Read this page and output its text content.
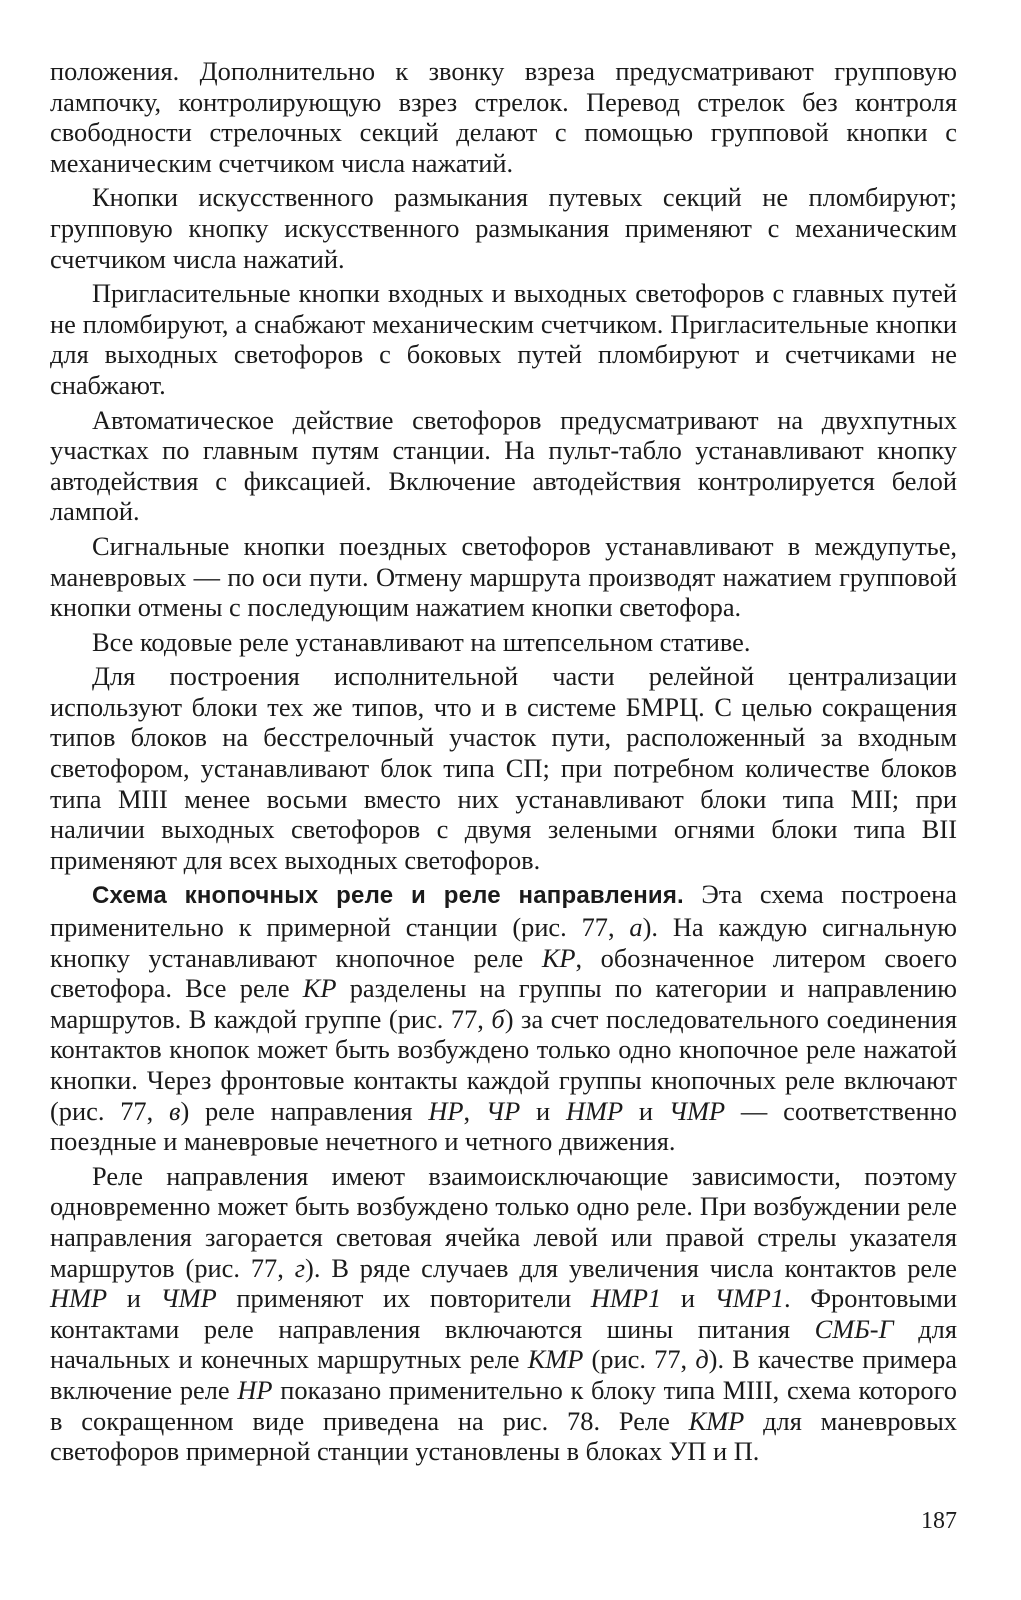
положения. Дополнительно к звонку взреза предусматривают групповую лампочку, контролирующую взрез стрелок. Перевод стрелок без контроля свободности стрелочных секций делают с помощью групповой кнопки с механическим счетчиком числа нажатий.

Кнопки искусственного размыкания путевых секций не пломбируют; групповую кнопку искусственного размыкания применяют с механическим счетчиком числа нажатий.

Пригласительные кнопки входных и выходных светофоров с главных путей не пломбируют, а снабжают механическим счетчиком. Пригласительные кнопки для выходных светофоров с боковых путей пломбируют и счетчиками не снабжают.

Автоматическое действие светофоров предусматривают на двухпутных участках по главным путям станции. На пульт-табло устанавливают кнопку автодействия с фиксацией. Включение автодействия контролируется белой лампой.

Сигнальные кнопки поездных светофоров устанавливают в междупутье, маневровых — по оси пути. Отмену маршрута производят нажатием групповой кнопки отмены с последующим нажатием кнопки светофора.

Все кодовые реле устанавливают на штепсельном стативе.

Для построения исполнительной части релейной централизации используют блоки тех же типов, что и в системе БМРЦ. С целью сокращения типов блоков на бесстрелочный участок пути, расположенный за входным светофором, устанавливают блок типа СП; при потребном количестве блоков типа МIII менее восьми вместо них устанавливают блоки типа МII; при наличии выходных светофоров с двумя зелеными огнями блоки типа ВII применяют для всех выходных светофоров.

Схема кнопочных реле и реле направления. Эта схема построена применительно к примерной станции (рис. 77, а). На каждую сигнальную кнопку устанавливают кнопочное реле КР, обозначенное литером своего светофора. Все реле КР разделены на группы по категории и направлению маршрутов. В каждой группе (рис. 77, б) за счет последовательного соединения контактов кнопок может быть возбуждено только одно кнопочное реле нажатой кнопки. Через фронтовые контакты каждой группы кнопочных реле включают (рис. 77, в) реле направления НР, ЧР и НМР и ЧМР — соответственно поездные и маневровые нечетного и четного движения.

Реле направления имеют взаимоисключающие зависимости, поэтому одновременно может быть возбуждено только одно реле. При возбуждении реле направления загорается световая ячейка левой или правой стрелы указателя маршрутов (рис. 77, г). В ряде случаев для увеличения числа контактов реле НМР и ЧМР применяют их повторители НМР1 и ЧМР1. Фронтовыми контактами реле направления включаются шины питания СМБ-Г для начальных и конечных маршрутных реле КМР (рис. 77, д). В качестве примера включение реле НР показано применительно к блоку типа МIII, схема которого в сокращенном виде приведена на рис. 78. Реле КМР для маневровых светофоров примерной станции установлены в блоках УП и П.

187
